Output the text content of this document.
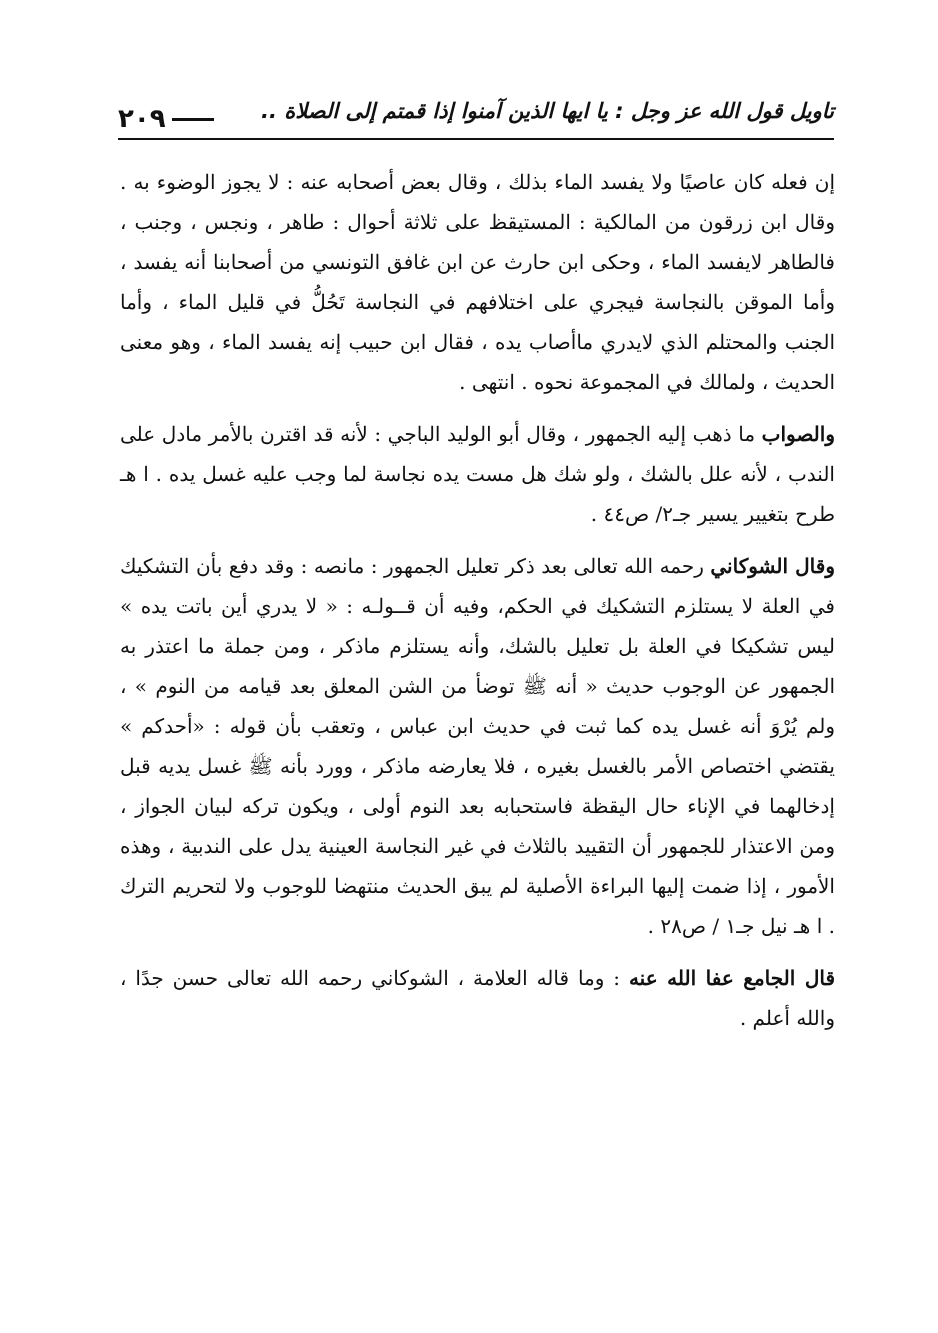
تاويل قول الله عز وجل : يا ايها الذين آمنوا إذا قمتم إلى الصلاة ..
٢٠٩

إن فعله كان عاصيًا ولا يفسد الماء بذلك ، وقال بعض أصحابه عنه : لا يجوز الوضوء به . وقال ابن زرقون من المالكية : المستيقظ على ثلاثة أحوال : طاهر ، ونجس ، وجنب ، فالطاهر لايفسد الماء ، وحكى ابن حارث عن ابن غافق التونسي من أصحابنا أنه يفسد ، وأما الموقن بالنجاسة فيجري على اختلافهم في النجاسة تَحُلُّ في قليل الماء ، وأما الجنب والمحتلم الذي لايدري ماأصاب يده ، فقال ابن حبيب إنه يفسد الماء ، وهو معنى الحديث ، ولمالك في المجموعة نحوه . انتهى .

والصواب ما ذهب إليه الجمهور ، وقال أبو الوليد الباجي : لأنه قد اقترن بالأمر مادل على الندب ، لأنه علل بالشك ، ولو شك هل مست يده نجاسة لما وجب عليه غسل يده . ا هـ طرح بتغيير يسير جـ٢/ ص٤٤ .

وقال الشوكاني رحمه الله تعالى بعد ذكر تعليل الجمهور : مانصه : وقد دفع بأن التشكيك في العلة لا يستلزم التشكيك في الحكم، وفيه أن قــولـه : « لا يدري أين باتت يده » ليس تشكيكا في العلة بل تعليل بالشك، وأنه يستلزم ماذكر ، ومن جملة ما اعتذر به الجمهور عن الوجوب حديث « أنه ﷺ توضأ من الشن المعلق بعد قيامه من النوم » ، ولم يُرْوَ أنه غسل يده كما ثبت في حديث ابن عباس ، وتعقب بأن قوله : «أحدكم » يقتضي اختصاص الأمر بالغسل بغيره ، فلا يعارضه ماذكر ، وورد بأنه ﷺ غسل يديه قبل إدخالهما في الإناء حال اليقظة فاستحبابه بعد النوم أولى ، ويكون تركه لبيان الجواز ، ومن الاعتذار للجمهور أن التقييد بالثلاث في غير النجاسة العينية يدل على الندبية ، وهذه الأمور ، إذا ضمت إليها البراءة الأصلية لم يبق الحديث منتهضا للوجوب ولا لتحريم الترك . ا هـ نيل جـ١ / ص٢٨ .

قال الجامع عفا الله عنه : وما قاله العلامة ، الشوكاني رحمه الله تعالى حسن جدًا ، والله أعلم .
